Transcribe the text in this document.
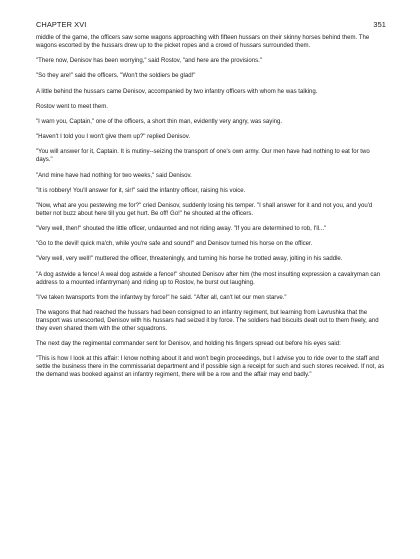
CHAPTER XVI	351

middle of the game, the officers saw some wagons approaching with fifteen hussars on their skinny horses behind them. The wagons escorted by the hussars drew up to the picket ropes and a crowd of hussars surrounded them.

"There now, Denisov has been worrying," said Rostov, "and here are the provisions."

"So they are!" said the officers. "Won't the soldiers be glad!"

A little behind the hussars came Denisov, accompanied by two infantry officers with whom he was talking.

Rostov went to meet them.

"I warn you, Captain," one of the officers, a short thin man, evidently very angry, was saying.

"Haven't I told you I won't give them up?" replied Denisov.

"You will answer for it, Captain. It is mutiny--seizing the transport of one's own army. Our men have had nothing to eat for two days."

"And mine have had nothing for two weeks," said Denisov.

"It is robbery! You'll answer for it, sir!" said the infantry officer, raising his voice.

"Now, what are you pestewing me for?" cried Denisov, suddenly losing his temper. "I shall answer for it and not you, and you'd better not buzz about here till you get hurt. Be off! Go!" he shouted at the officers.

"Very well, then!" shouted the little officer, undaunted and not riding away. "If you are determined to rob, I'll..."

"Go to the devil! quick ma'ch, while you're safe and sound!" and Denisov turned his horse on the officer.

"Very well, very well!" muttered the officer, threateningly, and turning his horse he trotted away, jolting in his saddle.

"A dog astwide a fence! A weal dog astwide a fence!" shouted Denisov after him (the most insulting expression a cavalryman can address to a mounted infantryman) and riding up to Rostov, he burst out laughing.

"I've taken twansports from the infantwy by force!" he said. "After all, can't let our men starve."

The wagons that had reached the hussars had been consigned to an infantry regiment, but learning from Lavrushka that the transport was unescorted, Denisov with his hussars had seized it by force. The soldiers had biscuits dealt out to them freely, and they even shared them with the other squadrons.

The next day the regimental commander sent for Denisov, and holding his fingers spread out before his eyes said:

"This is how I look at this affair: I know nothing about it and won't begin proceedings, but I advise you to ride over to the staff and settle the business there in the commissariat department and if possible sign a receipt for such and such stores received. If not, as the demand was booked against an infantry regiment, there will be a row and the affair may end badly."
